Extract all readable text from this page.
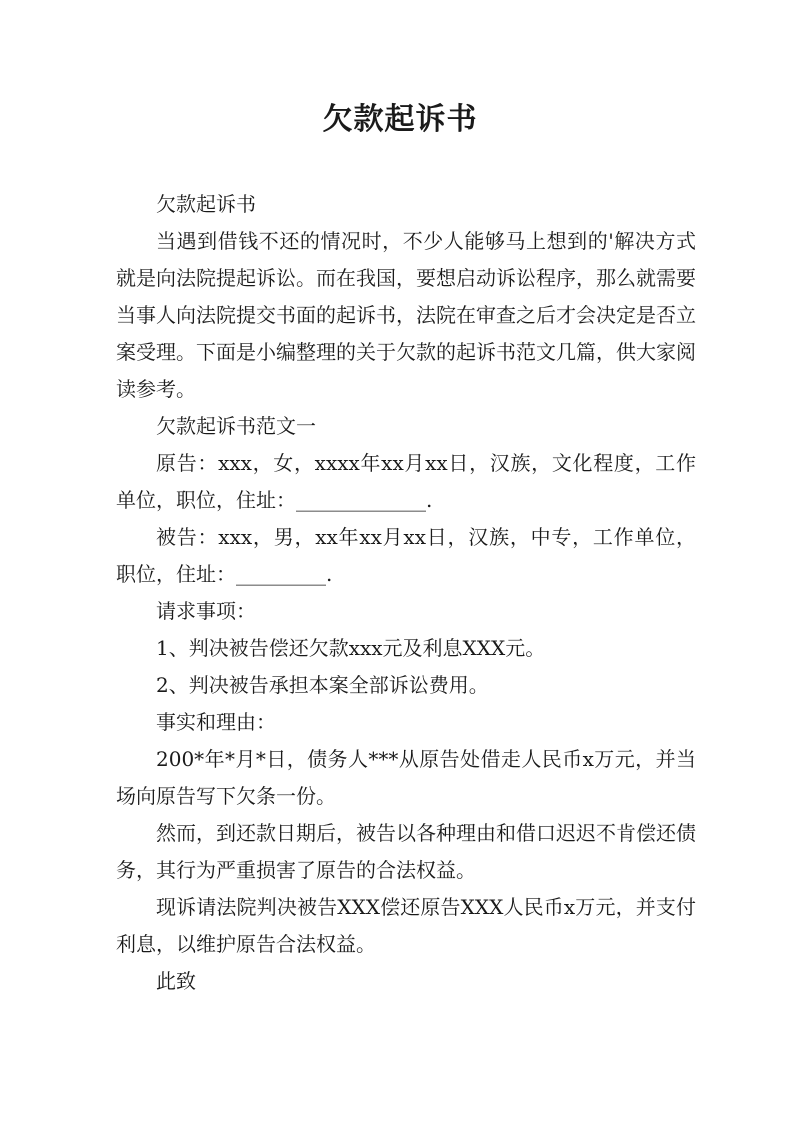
欠款起诉书

欠款起诉书

当遇到借钱不还的情况时，不少人能够马上想到的'解决方式就是向法院提起诉讼。而在我国，要想启动诉讼程序，那么就需要当事人向法院提交书面的起诉书，法院在审查之后才会决定是否立案受理。下面是小编整理的关于欠款的起诉书范文几篇，供大家阅读参考。

欠款起诉书范文一

原告：xxx，女，xxxx年xx月xx日，汉族，文化程度，工作单位，职位，住址：_____________.

被告：xxx，男，xx年xx月xx日，汉族，中专，工作单位，职位，住址：_________.

请求事项：

1、判决被告偿还欠款xxx元及利息XXX元。

2、判决被告承担本案全部诉讼费用。

事实和理由：

200*年*月*日，债务人***从原告处借走人民币x万元，并当场向原告写下欠条一份。

然而，到还款日期后，被告以各种理由和借口迟迟不肯偿还债务，其行为严重损害了原告的合法权益。

现诉请法院判决被告XXX偿还原告XXX人民币x万元，并支付利息，以维护原告合法权益。

此致
